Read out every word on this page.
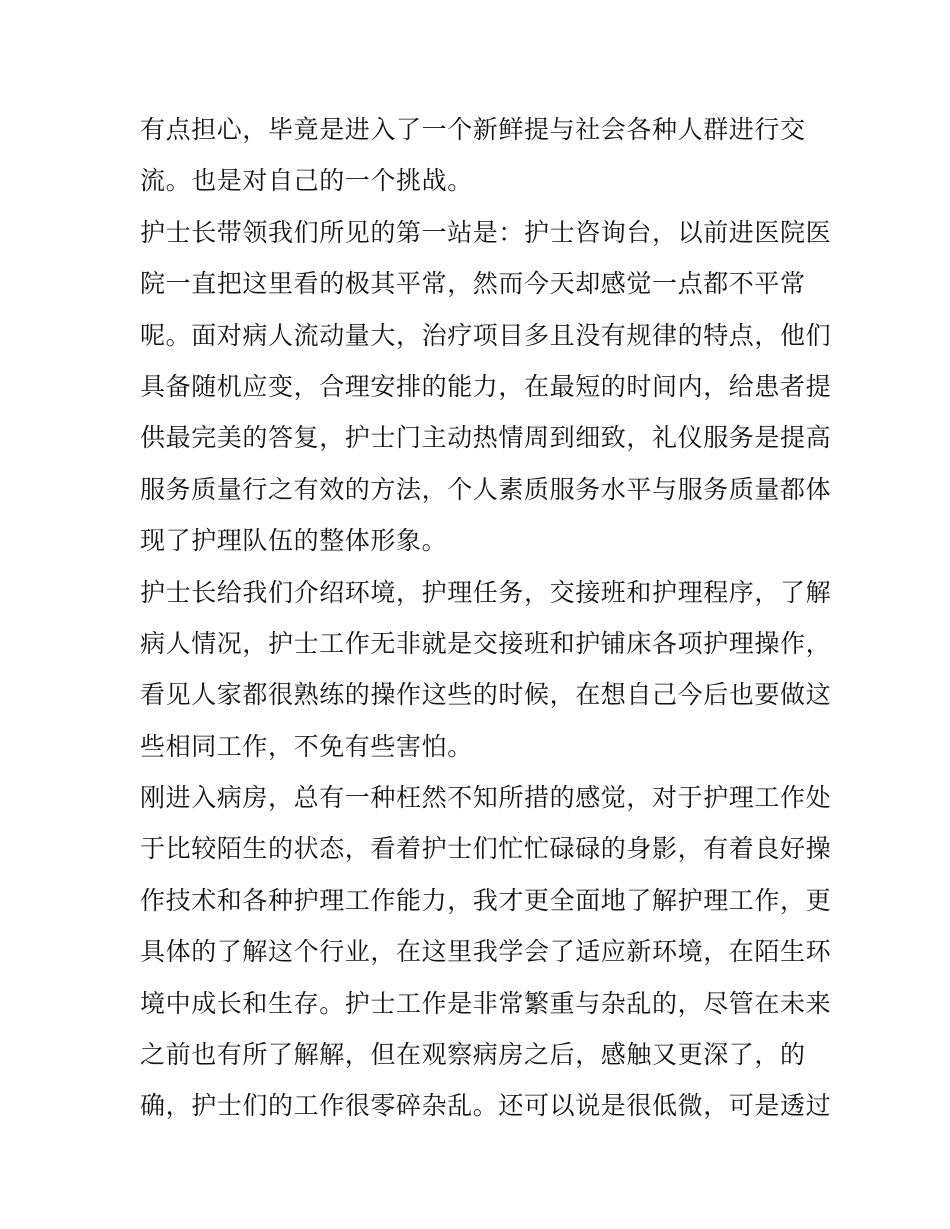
有点担心，毕竟是进入了一个新鲜提与社会各种人群进行交
流。也是对自己的一个挑战。
护士长带领我们所见的第一站是：护士咨询台，以前进医院医
院一直把这里看的极其平常，然而今天却感觉一点都不平常
呢。面对病人流动量大，治疗项目多且没有规律的特点，他们
具备随机应变，合理安排的能力，在最短的时间内，给患者提
供最完美的答复，护士门主动热情周到细致，礼仪服务是提高
服务质量行之有效的方法，个人素质服务水平与服务质量都体
现了护理队伍的整体形象。
护士长给我们介绍环境，护理任务，交接班和护理程序，了解
病人情况，护士工作无非就是交接班和护铺床各项护理操作，
看见人家都很熟练的操作这些的时候，在想自己今后也要做这
些相同工作，不免有些害怕。
刚进入病房，总有一种枉然不知所措的感觉，对于护理工作处
于比较陌生的状态，看着护士们忙忙碌碌的身影，有着良好操
作技术和各种护理工作能力，我才更全面地了解护理工作，更
具体的了解这个行业，在这里我学会了适应新环境，在陌生环
境中成长和生存。护士工作是非常繁重与杂乱的，尽管在未来
之前也有所了解解，但在观察病房之后，感触又更深了，的
确，护士们的工作很零碎杂乱。还可以说是很低微，可是透过
